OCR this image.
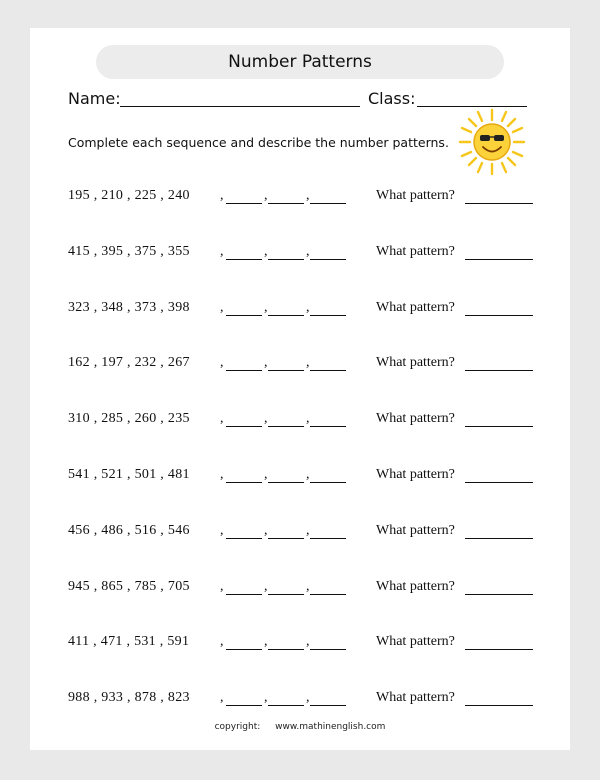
Number Patterns
Name:	Class:
Complete each sequence and describe the number patterns.
195 , 210 , 225 , 240 ,	,	,	What pattern?
415 , 395 , 375 , 355 ,	,	,	What pattern?
323 , 348 , 373 , 398 ,	,	,	What pattern?
162 , 197 , 232 , 267 ,	,	,	What pattern?
310 , 285 , 260 , 235 ,	,	,	What pattern?
541 , 521 , 501 , 481 ,	,	,	What pattern?
456 , 486 , 516 , 546 ,	,	,	What pattern?
945 , 865 , 785 , 705 ,	,	,	What pattern?
411 , 471 , 531 , 591 ,	,	,	What pattern?
988 , 933 , 878 , 823 ,	,	,	What pattern?
copyright: www.mathinenglish.com
